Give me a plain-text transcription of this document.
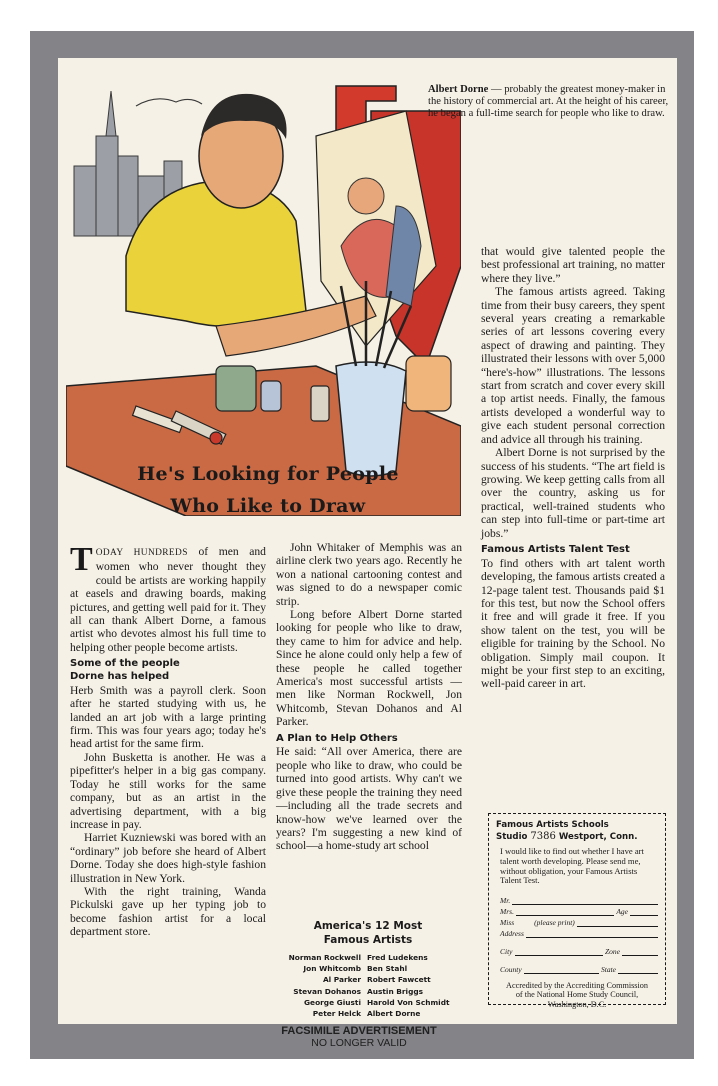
Albert Dorne — probably the greatest money-maker in the history of commercial art. At the height of his career, he began a full-time search for people who like to draw.
He's Looking for People
Who Like to Draw

TODAY HUNDREDS of men and women who never thought they could be artists are working happily at easels and drawing boards, making pictures, and getting well paid for it. They all can thank Albert Dorne, a famous artist who devotes almost his full time to helping other people become artists.

Some of the people

Dorne has helped

Herb Smith was a payroll clerk. Soon after he started studying with us, he landed an art job with a large printing firm. This was four years ago; today he's head artist for the same firm.

John Busketta is another. He was a pipefitter's helper in a big gas company. Today he still works for the same company, but as an artist in the advertising department, with a big increase in pay.

Harriet Kuzniewski was bored with an “ordinary” job before she heard of Albert Dorne. Today she does high-style fashion illustration in New York.

With the right training, Wanda Pickulski gave up her typing job to become fashion artist for a local department store.

John Whitaker of Memphis was an airline clerk two years ago. Recently he won a national cartooning contest and was signed to do a newspaper comic strip.

Long before Albert Dorne started looking for people who like to draw, they came to him for advice and help. Since he alone could only help a few of these people he called together America's most successful artists —men like Norman Rockwell, Jon Whitcomb, Stevan Dohanos and Al Parker.

A Plan to Help Others

He said: “All over America, there are people who like to draw, who could be turned into good artists. Why can't we give these people the training they need—including all the trade secrets and know-how we've learned over the years? I'm suggesting a new kind of school—a home-study art school

America's 12 Most
Famous Artists
Norman Rockwell
Jon Whitcomb
Al Parker
Stevan Dohanos
George Giusti
Peter Helck
Fred Ludekens
Ben Stahl
Robert Fawcett
Austin Briggs
Harold Von Schmidt
Albert Dorne

that would give talented people the best professional art training, no matter where they live.”

The famous artists agreed. Taking time from their busy careers, they spent several years creating a remarkable series of art lessons covering every aspect of drawing and painting. They illustrated their lessons with over 5,000 “here's-how” illustrations. The lessons start from scratch and cover every skill a top artist needs. Finally, the famous artists developed a wonderful way to give each student personal correction and advice all through his training.

Albert Dorne is not surprised by the success of his students. “The art field is growing. We keep getting calls from all over the country, asking us for practical, well-trained students who can step into full-time or part-time art jobs.”

Famous Artists Talent Test

To find others with art talent worth developing, the famous artists created a 12-page talent test. Thousands paid $1 for this test, but now the School offers it free and will grade it free. If you show talent on the test, you will be eligible for training by the School. No obligation. Simply mail coupon. It might be your first step to an exciting, well-paid career in art.

Famous Artists Schools
Studio 7386 Westport, Conn.
I would like to find out whether I have art talent worth developing. Please send me, without obligation, your Famous Artists Talent Test.
Mr.
Mrs.	Age
Miss	(please print)
Address
City	Zone
County	State
Accredited by the Accrediting Commission of the National Home Study Council, Washington, D.C.
FACSIMILE ADVERTISEMENT
NO LONGER VALID
